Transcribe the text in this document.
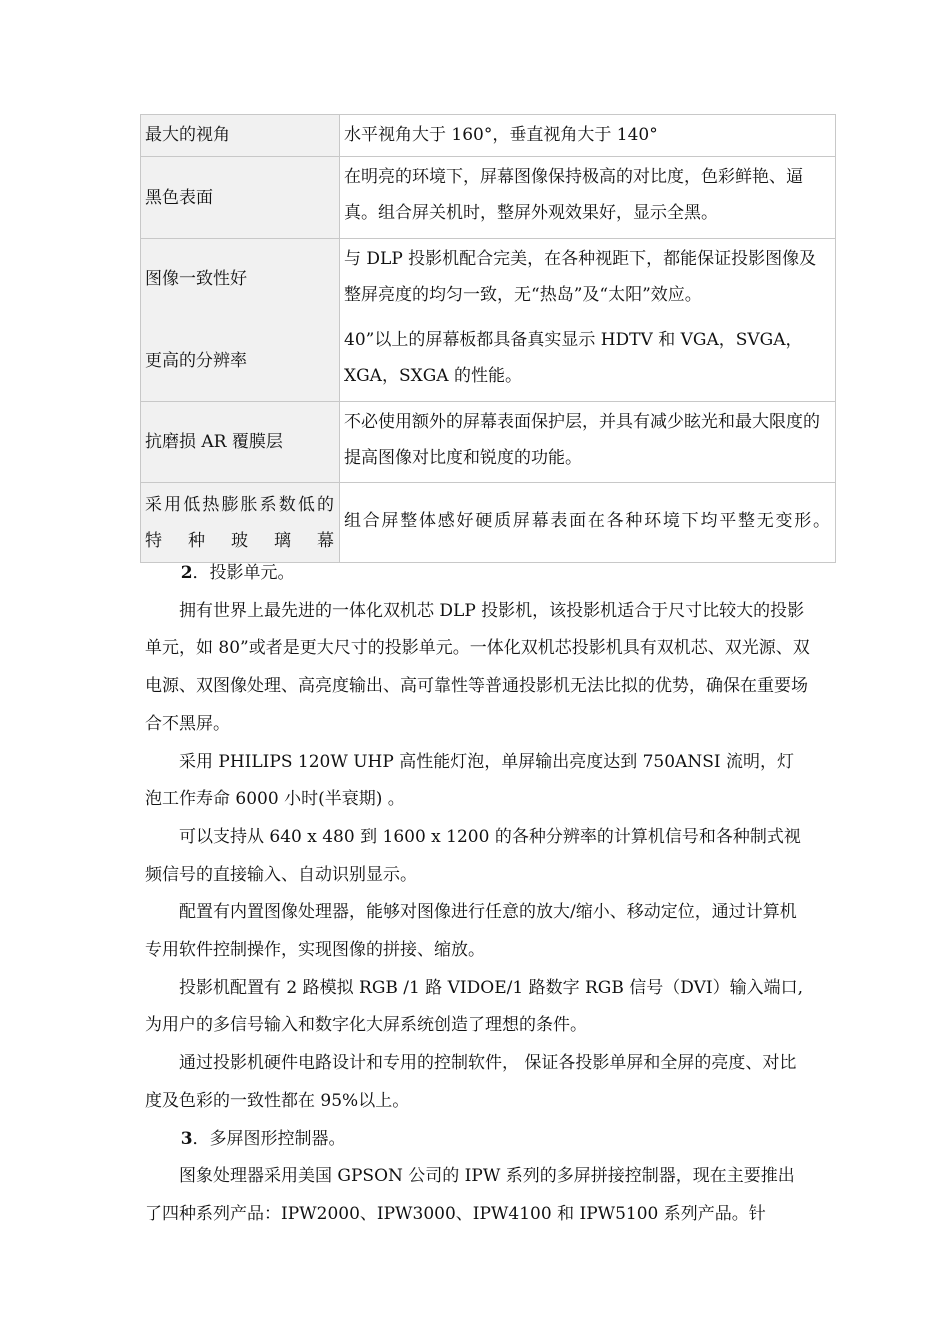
最大的视角	水平视角大于 160°，垂直视角大于 140°
黑色表面	在明亮的环境下，屏幕图像保持极高的对比度，色彩鲜艳、逼真。组合屏关机时，整屏外观效果好，显示全黑。
图像一致性好	与 DLP 投影机配合完美，在各种视距下，都能保证投影图像及整屏亮度的均匀一致，无“热岛”及“太阳”效应。
更高的分辨率	40”以上的屏幕板都具备真实显示 HDTV 和 VGA，SVGA，XGA，SXGA 的性能。
抗磨损 AR 覆膜层	不必使用额外的屏幕表面保护层，并具有减少眩光和最大限度的提高图像对比度和锐度的功能。
采用低热膨胀系数低的特种玻璃幕	组合屏整体感好硬质屏幕表面在各种环境下均平整无变形。

2．投影单元。

拥有世界上最先进的一体化双机芯 DLP 投影机，该投影机适合于尺寸比较大的投影单元，如 80”或者是更大尺寸的投影单元。一体化双机芯投影机具有双机芯、双光源、双电源、双图像处理、高亮度输出、高可靠性等普通投影机无法比拟的优势，确保在重要场合不黑屏。

采用 PHILIPS 120W UHP 高性能灯泡，单屏输出亮度达到 750ANSI 流明，灯泡工作寿命 6000 小时(半衰期) 。

可以支持从 640 x 480 到 1600 x 1200 的各种分辨率的计算机信号和各种制式视频信号的直接输入、自动识别显示。

配置有内置图像处理器，能够对图像进行任意的放大/缩小、移动定位，通过计算机专用软件控制操作，实现图像的拼接、缩放。

投影机配置有 2 路模拟 RGB /1 路 VIDOE/1 路数字 RGB 信号（DVI）输入端口, 为用户的多信号输入和数字化大屏系统创造了理想的条件。

通过投影机硬件电路设计和专用的控制软件， 保证各投影单屏和全屏的亮度、对比度及色彩的一致性都在 95%以上。

3．多屏图形控制器。

图象处理器采用美国 GPSON 公司的 IPW 系列的多屏拼接控制器，现在主要推出了四种系列产品：IPW2000、IPW3000、IPW4100 和 IPW5100 系列产品。针
